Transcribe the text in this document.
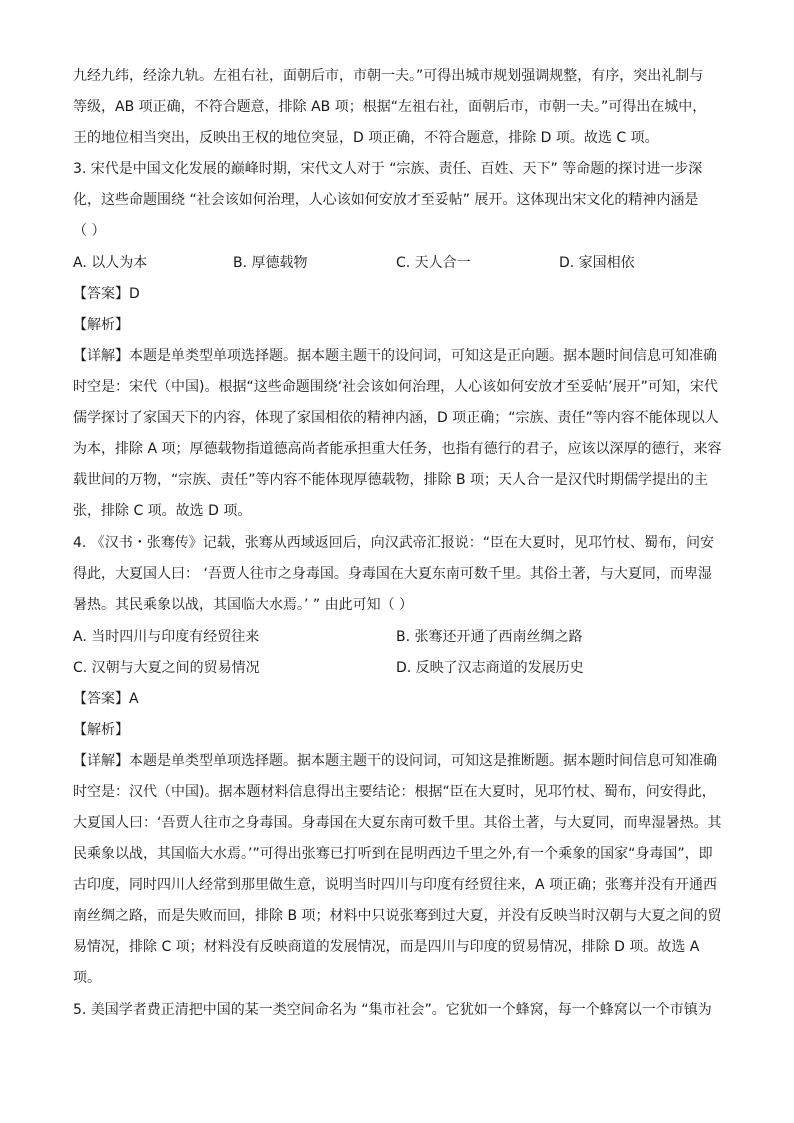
九经九纬，经涂九轨。左祖右社，面朝后市，市朝一夫。”可得出城市规划强调规整，有序，突出礼制与
等级，AB 项正确，不符合题意，排除 AB 项；根据“左祖右社，面朝后市，市朝一夫。”可得出在城中，
王的地位相当突出，反映出王权的地位突显，D 项正确，不符合题意，排除 D 项。故选 C 项。
3. 宋代是中国文化发展的巅峰时期，宋代文人对于 “宗族、责任、百姓、天下” 等命题的探讨进一步深
化，这些命题围绕 “社会该如何治理，人心该如何安放才至妥帖” 展开。这体现出宋文化的精神内涵是
（ ）
A. 以人为本	B. 厚德载物	C. 天人合一	D. 家国相依
【答案】D
【解析】
【详解】本题是单类型单项选择题。据本题主题干的设问词，可知这是正向题。据本题时间信息可知准确
时空是：宋代（中国)。根据“这些命题围绕‘社会该如何治理，人心该如何安放才至妥帖’展开”可知，宋代
儒学探讨了家国天下的内容，体现了家国相依的精神内涵，D 项正确；“宗族、责任”等内容不能体现以人
为本，排除 A 项；厚德载物指道德高尚者能承担重大任务，也指有德行的君子，应该以深厚的德行，来容
载世间的万物，“宗族、责任”等内容不能体现厚德载物，排除 B 项；天人合一是汉代时期儒学提出的主
张，排除 C 项。故选 D 项。
4. 《汉书・张骞传》记载，张骞从西域返回后，向汉武帝汇报说：“臣在大夏时，见邛竹杖、蜀布，问安
得此，大夏国人曰： ‘吾贾人往市之身毒国。身毒国在大夏东南可数千里。其俗土著，与大夏同，而卑湿
暑热。其民乘象以战，其国临大水焉。’ ” 由此可知（ ）
A. 当时四川与印度有经贸往来	B. 张骞还开通了西南丝绸之路
C. 汉朝与大夏之间的贸易情况	D. 反映了汉志商道的发展历史
【答案】A
【解析】
【详解】本题是单类型单项选择题。据本题主题干的设问词，可知这是推断题。据本题时间信息可知准确
时空是：汉代（中国)。据本题材料信息得出主要结论：根据“臣在大夏时，见邛竹杖、蜀布，问安得此，
大夏国人曰：‘吾贾人往市之身毒国。身毒国在大夏东南可数千里。其俗土著，与大夏同，而卑湿暑热。其
民乘象以战，其国临大水焉。’”可得出张骞已打听到在昆明西边千里之外,有一个乘象的国家“身毒国”，即
古印度，同时四川人经常到那里做生意，说明当时四川与印度有经贸往来，A 项正确；张骞并没有开通西
南丝绸之路，而是失败而回，排除 B 项；材料中只说张骞到过大夏，并没有反映当时汉朝与大夏之间的贸
易情况，排除 C 项；材料没有反映商道的发展情况，而是四川与印度的贸易情况，排除 D 项。故选 A
项。
5. 美国学者费正清把中国的某一类空间命名为 “集市社会”。它犹如一个蜂窝，每一个蜂窝以一个市镇为
